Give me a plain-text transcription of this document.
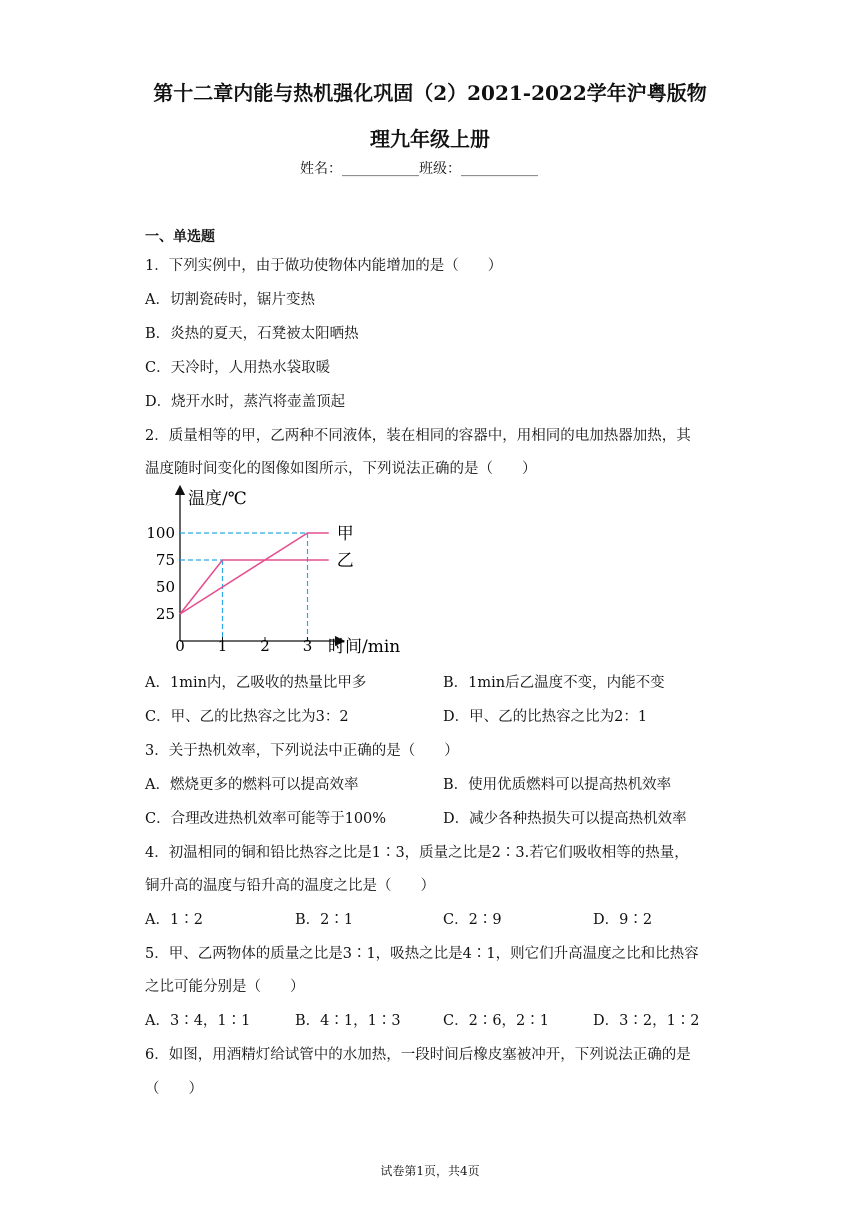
第十二章内能与热机强化巩固（2）2021-2022学年沪粤版物
理九年级上册
姓名：___________班级：___________
一、单选题
1．下列实例中，由于做功使物体内能增加的是（　　）
A．切割瓷砖时，锯片变热
B．炎热的夏天，石凳被太阳晒热
C．天冷时，人用热水袋取暖
D．烧开水时，蒸汽将壶盖顶起
2．质量相等的甲，乙两种不同液体，装在相同的容器中，用相同的电加热器加热，其
温度随时间变化的图像如图所示，下列说法正确的是（　　）
甲
乙
25
50
75
100
1 2 3
温度/℃
时间/min
0
A．1min内，乙吸收的热量比甲多	B．1min后乙温度不变，内能不变
C．甲、乙的比热容之比为3：2	D．甲、乙的比热容之比为2：1
3．关于热机效率，下列说法中正确的是（　　）
A．燃烧更多的燃料可以提高效率	B．使用优质燃料可以提高热机效率
C．合理改进热机效率可能等于100%	D．减少各种热损失可以提高热机效率
4．初温相同的铜和铅比热容之比是1∶3，质量之比是2∶3.若它们吸收相等的热量，
铜升高的温度与铅升高的温度之比是（　　）
A．1∶2	B．2∶1	C．2∶9	D．9∶2
5．甲、乙两物体的质量之比是3∶1，吸热之比是4∶1，则它们升高温度之比和比热容
之比可能分别是（　　）
A．3∶4，1∶1	B．4∶1，1∶3	C．2∶6，2∶1	D．3∶2，1∶2
6．如图，用酒精灯给试管中的水加热，一段时间后橡皮塞被冲开，下列说法正确的是
（　　）
试卷第1页，共4页
